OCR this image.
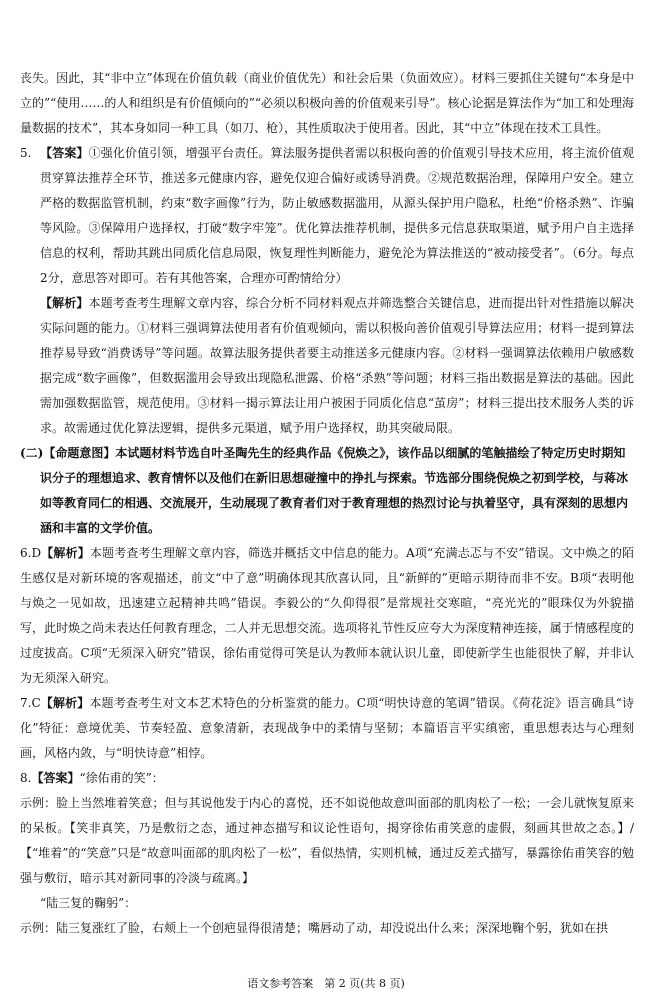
丧失。因此，其“非中立”体现在价值负载（商业价值优先）和社会后果（负面效应）。材料三要抓住关键句“本身是中立的”“使用……的人和组织是有价值倾向的”“必须以积极向善的价值观来引导”。核心论据是算法作为“加工和处理海量数据的技术”，其本身如同一种工具（如刀、枪），其性质取决于使用者。因此，其“中立”体现在技术工具性。

5. 【答案】①强化价值引领，增强平台责任。算法服务提供者需以积极向善的价值观引导技术应用，将主流价值观贯穿算法推荐全环节，推送多元健康内容，避免仅迎合偏好或诱导消费。②规范数据治理，保障用户安全。建立严格的数据监管机制，约束“数字画像”行为，防止敏感数据滥用，从源头保护用户隐私，杜绝“价格杀熟”、诈骗等风险。③保障用户选择权，打破“数字牢笼”。优化算法推荐机制，提供多元信息获取渠道，赋予用户自主选择信息的权利，帮助其跳出同质化信息局限，恢复理性判断能力，避免沦为算法推送的“被动接受者”。（6分。每点2分，意思答对即可。若有其他答案，合理亦可酌情给分）

【解析】本题考查考生理解文章内容，综合分析不同材料观点并筛选整合关键信息，进而提出针对性措施以解决实际问题的能力。①材料三强调算法使用者有价值观倾向，需以积极向善价值观引导算法应用；材料一提到算法推荐易导致“消费诱导”等问题。故算法服务提供者要主动推送多元健康内容。②材料一强调算法依赖用户敏感数据完成“数字画像”，但数据滥用会导致出现隐私泄露、价格“杀熟”等问题；材料三指出数据是算法的基础。因此需加强数据监管，规范使用。③材料一揭示算法让用户被困于同质化信息“茧房”；材料三提出技术服务人类的诉求。故需通过优化算法逻辑，提供多元渠道，赋予用户选择权，助其突破局限。

(二)【命题意图】本试题材料节选自叶圣陶先生的经典作品《倪焕之》，该作品以细腻的笔触描绘了特定历史时期知识分子的理想追求、教育情怀以及他们在新旧思想碰撞中的挣扎与探索。节选部分围绕倪焕之初到学校，与蒋冰如等教育同仁的相遇、交流展开，生动展现了教育者们对于教育理想的热烈讨论与执着坚守，具有深刻的思想内涵和丰富的文学价值。

6.D【解析】本题考查考生理解文章内容，筛选并概括文中信息的能力。A项“充满忐忑与不安”错误。文中焕之的陌生感仅是对新环境的客观描述，前文“中了意”明确体现其欣喜认同，且“新鲜的”更暗示期待而非不安。B项“表明他与焕之一见如故，迅速建立起精神共鸣”错误。李毅公的“久仰得很”是常规社交寒暄，“亮光光的”眼珠仅为外貌描写，此时焕之尚未表达任何教育理念，二人并无思想交流。选项将礼节性反应夸大为深度精神连接，属于情感程度的过度拔高。C项“无须深入研究”错误，徐佑甫觉得可笑是认为教师本就认识儿童，即使新学生也能很快了解，并非认为无须深入研究。

7.C【解析】本题考查考生对文本艺术特色的分析鉴赏的能力。C项“明快诗意的笔调”错误。《荷花淀》语言确具“诗化”特征：意境优美、节奏轻盈、意象清新，表现战争中的柔情与坚韧；本篇语言平实缜密，重思想表达与心理刻画，风格内敛，与“明快诗意”相悖。

8.【答案】“徐佑甫的笑”：

示例：脸上当然堆着笑意；但与其说他发于内心的喜悦，还不如说他故意叫面部的肌肉松了一松；一会儿就恢复原来的呆板。【笑非真笑，乃是敷衍之态，通过神态描写和议论性语句，揭穿徐佑甫笑意的虚假，刻画其世故之态。】/【“堆着”的“笑意”只是“故意叫面部的肌肉松了一松”，看似热情，实则机械，通过反差式描写，暴露徐佑甫笑容的勉强与敷衍，暗示其对新同事的冷淡与疏离。】

“陆三复的鞠躬”：

示例：陆三复涨红了脸，右颊上一个创疤显得很清楚；嘴唇动了动，却没说出什么来；深深地鞠个躬，犹如在拱

语文参考答案　第 2 页(共 8 页)
